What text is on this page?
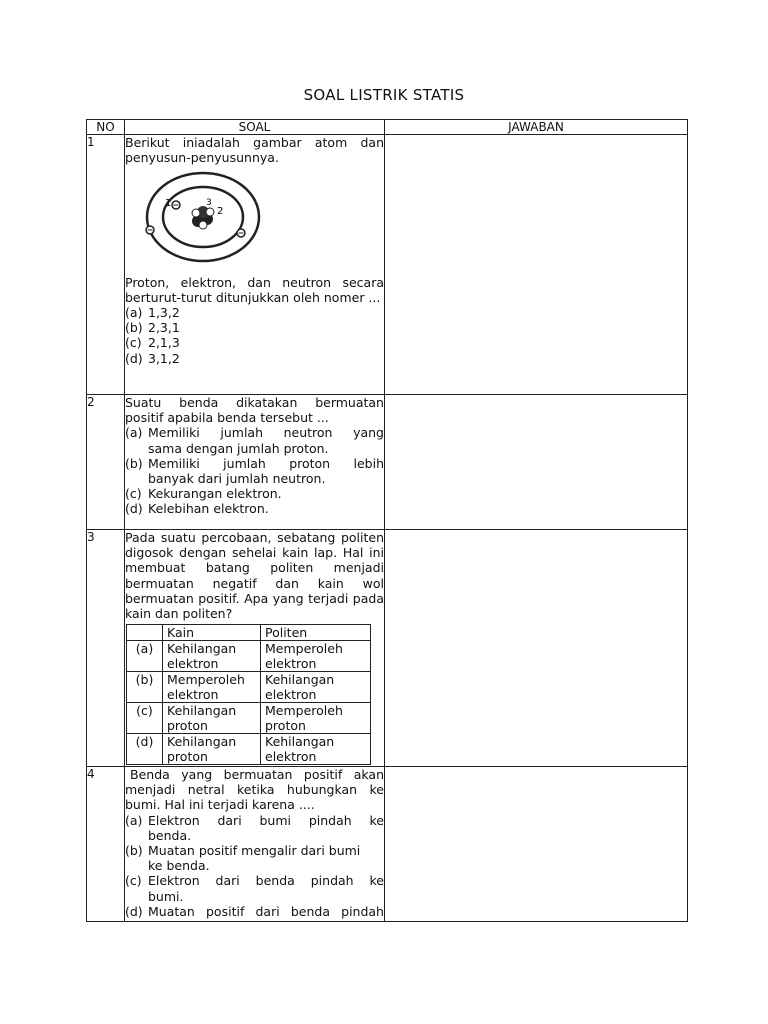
SOAL LISTRIK STATIS
NO	SOAL	JAWABAN
1	Berikut iniadalah gambar atom dan penyusun-penyusunnya.
1	3
2
Proton, elektron, dan neutron secara berturut-turut ditunjukkan oleh nomer ...
(a) 1,3,2
(b) 2,3,1
(c) 2,1,3
(d) 3,1,2

2	Suatu benda dikatakan bermuatan positif apabila benda tersebut ...
(a) Memiliki jumlah neutron yang
sama dengan jumlah proton.
(b) Memiliki jumlah proton lebih
banyak dari jumlah neutron.
(c) Kekurangan elektron.
(d) Kelebihan elektron.

3	Pada suatu percobaan, sebatang politen digosok dengan sehelai kain lap. Hal ini membuat batang politen menjadi bermuatan negatif dan kain wol bermuatan positif. Apa yang terjadi pada kain dan politen?
	Kain	Politen
(a)	Kehilangan elektron	Memperoleh elektron
(b)	Memperoleh elektron	Kehilangan elektron
(c)	Kehilangan proton	Memperoleh proton
(d)	Kehilangan proton	Kehilangan elektron

4	Benda yang bermuatan positif akan menjadi netral ketika hubungkan ke bumi. Hal ini terjadi karena ....
(a) Elektron dari bumi pindah ke
benda.
(b) Muatan positif mengalir dari bumi
ke benda.
(c) Elektron dari benda pindah ke
bumi.
(d) Muatan positif dari benda pindah
